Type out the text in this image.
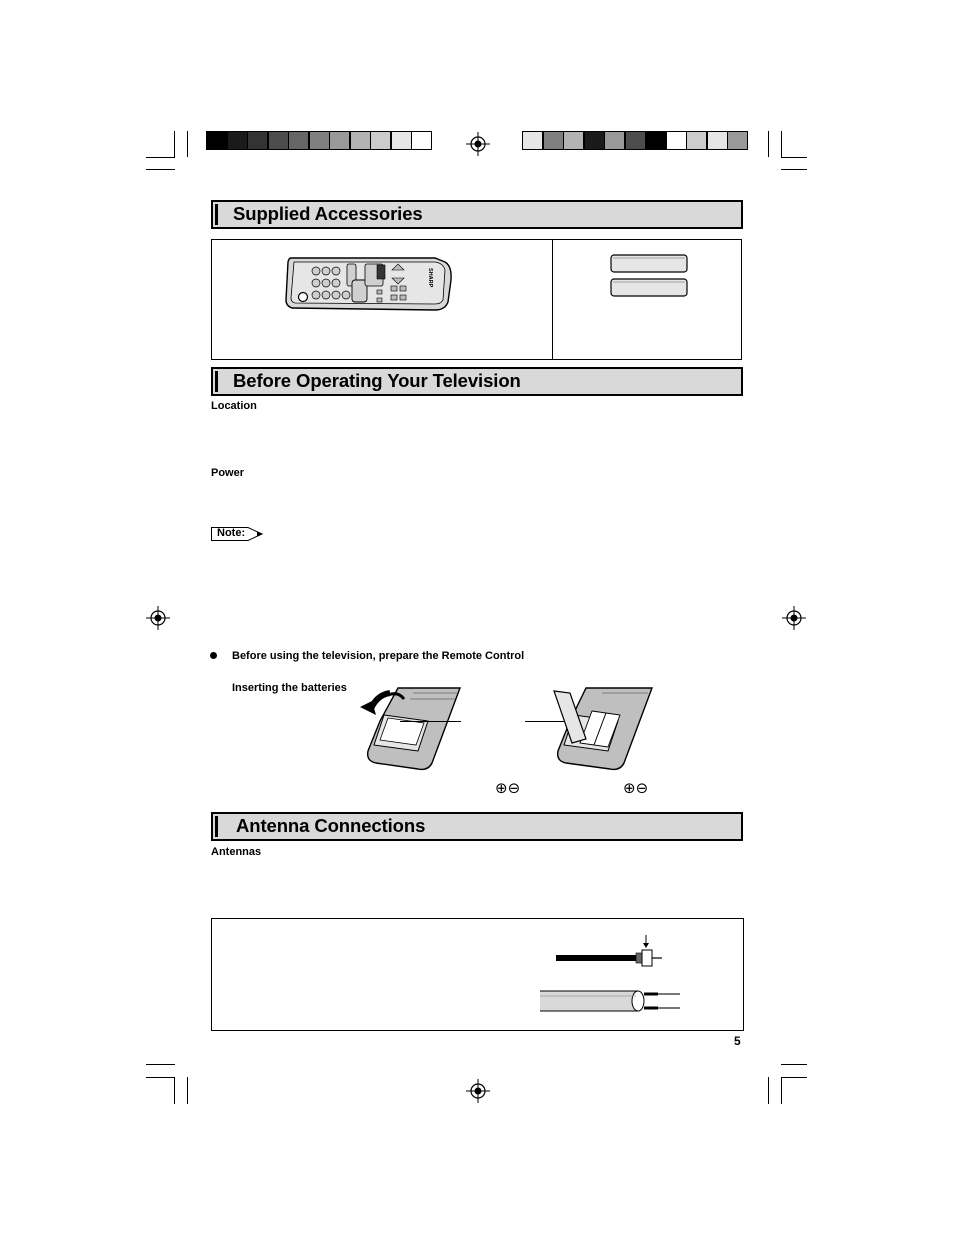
Supplied Accessories
SHARP
Before Operating Your Television
Location
Power
Note:
Before using the television, prepare the Remote Control
Inserting the batteries
⊕⊖	⊕⊖
Antenna Connections
Antennas
5
